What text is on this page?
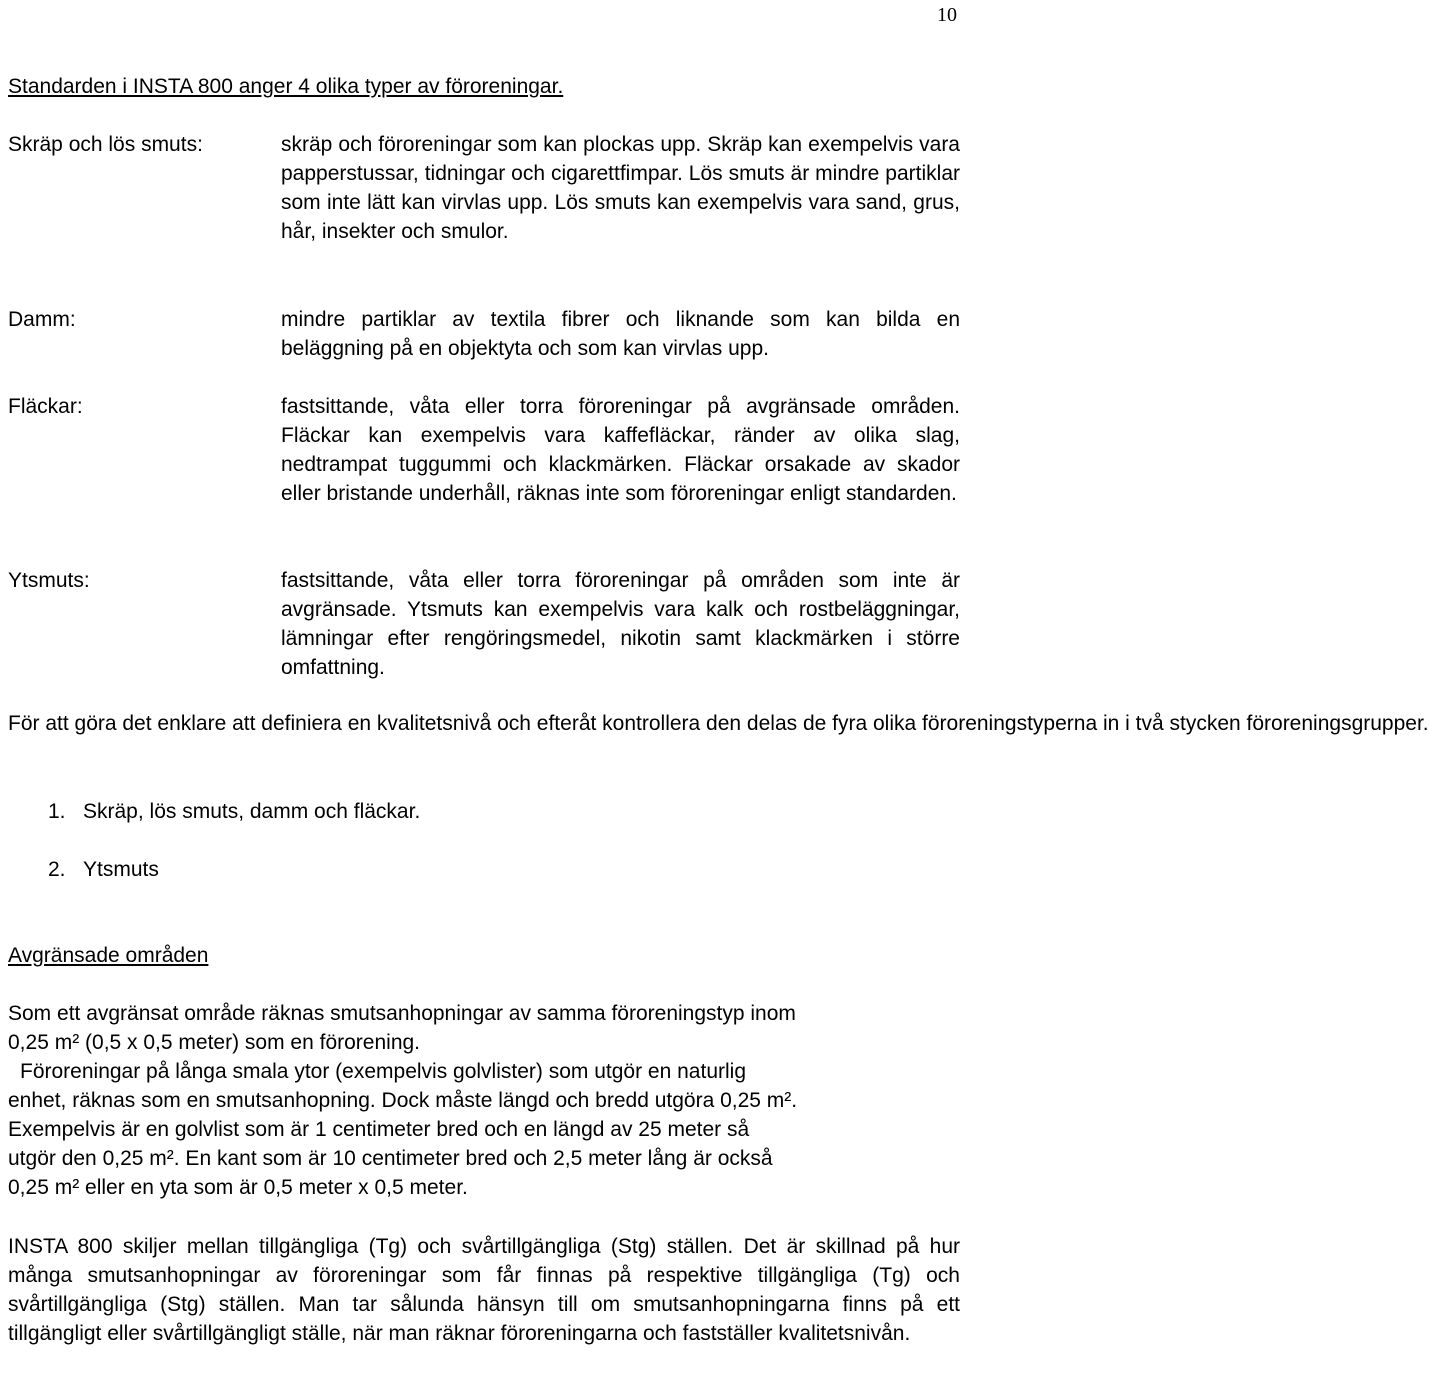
10
Standarden i INSTA 800 anger 4 olika typer av föroreningar.
Skräp och lös smuts:	skräp och föroreningar som kan plockas upp. Skräp kan exempelvis vara papperstussar, tidningar och cigarettfimpar. Lös smuts är mindre partiklar som inte lätt kan virvlas upp. Lös smuts kan exempelvis vara sand, grus, hår, insekter och smulor.
Damm:	mindre partiklar av textila fibrer och liknande som kan bilda en beläggning på en objektyta och som kan virvlas upp.
Fläckar:	fastsittande, våta eller torra föroreningar på avgränsade områden. Fläckar kan exempelvis vara kaffefläckar, ränder av olika slag, nedtrampat tuggummi och klackmärken. Fläckar orsakade av skador eller bristande underhåll, räknas inte som föroreningar enligt standarden.
Ytsmuts:	fastsittande, våta eller torra föroreningar på områden som inte är avgränsade. Ytsmuts kan exempelvis vara kalk och rostbeläggningar, lämningar efter rengöringsmedel, nikotin samt klackmärken i större omfattning.
För att göra det enklare att definiera en kvalitetsnivå och efteråt kontrollera den delas de fyra olika föroreningstyperna in i två stycken föroreningsgrupper.
1. Skräp, lös smuts, damm och fläckar.
2. Ytsmuts
Avgränsade områden
Som ett avgränsat område räknas smutsanhopningar av samma föroreningstyp inom
0,25 m² (0,5 x 0,5 meter) som en förorening.
Föroreningar på långa smala ytor (exempelvis golvlister) som utgör en naturlig
enhet, räknas som en smutsanhopning. Dock måste längd och bredd utgöra 0,25 m².
Exempelvis är en golvlist som är 1 centimeter bred och en längd av 25 meter så
utgör den 0,25 m². En kant som är 10 centimeter bred och 2,5 meter lång är också
0,25 m² eller en yta som är 0,5 meter x 0,5 meter.
INSTA 800 skiljer mellan tillgängliga (Tg) och svårtillgängliga (Stg) ställen. Det är skillnad på hur många smutsanhopningar av föroreningar som får finnas på respektive tillgängliga (Tg) och svårtillgängliga (Stg) ställen. Man tar sålunda hänsyn till om smutsanhopningarna finns på ett tillgängligt eller svårtillgängligt ställe, när man räknar föroreningarna och fastställer kvalitetsnivån.
